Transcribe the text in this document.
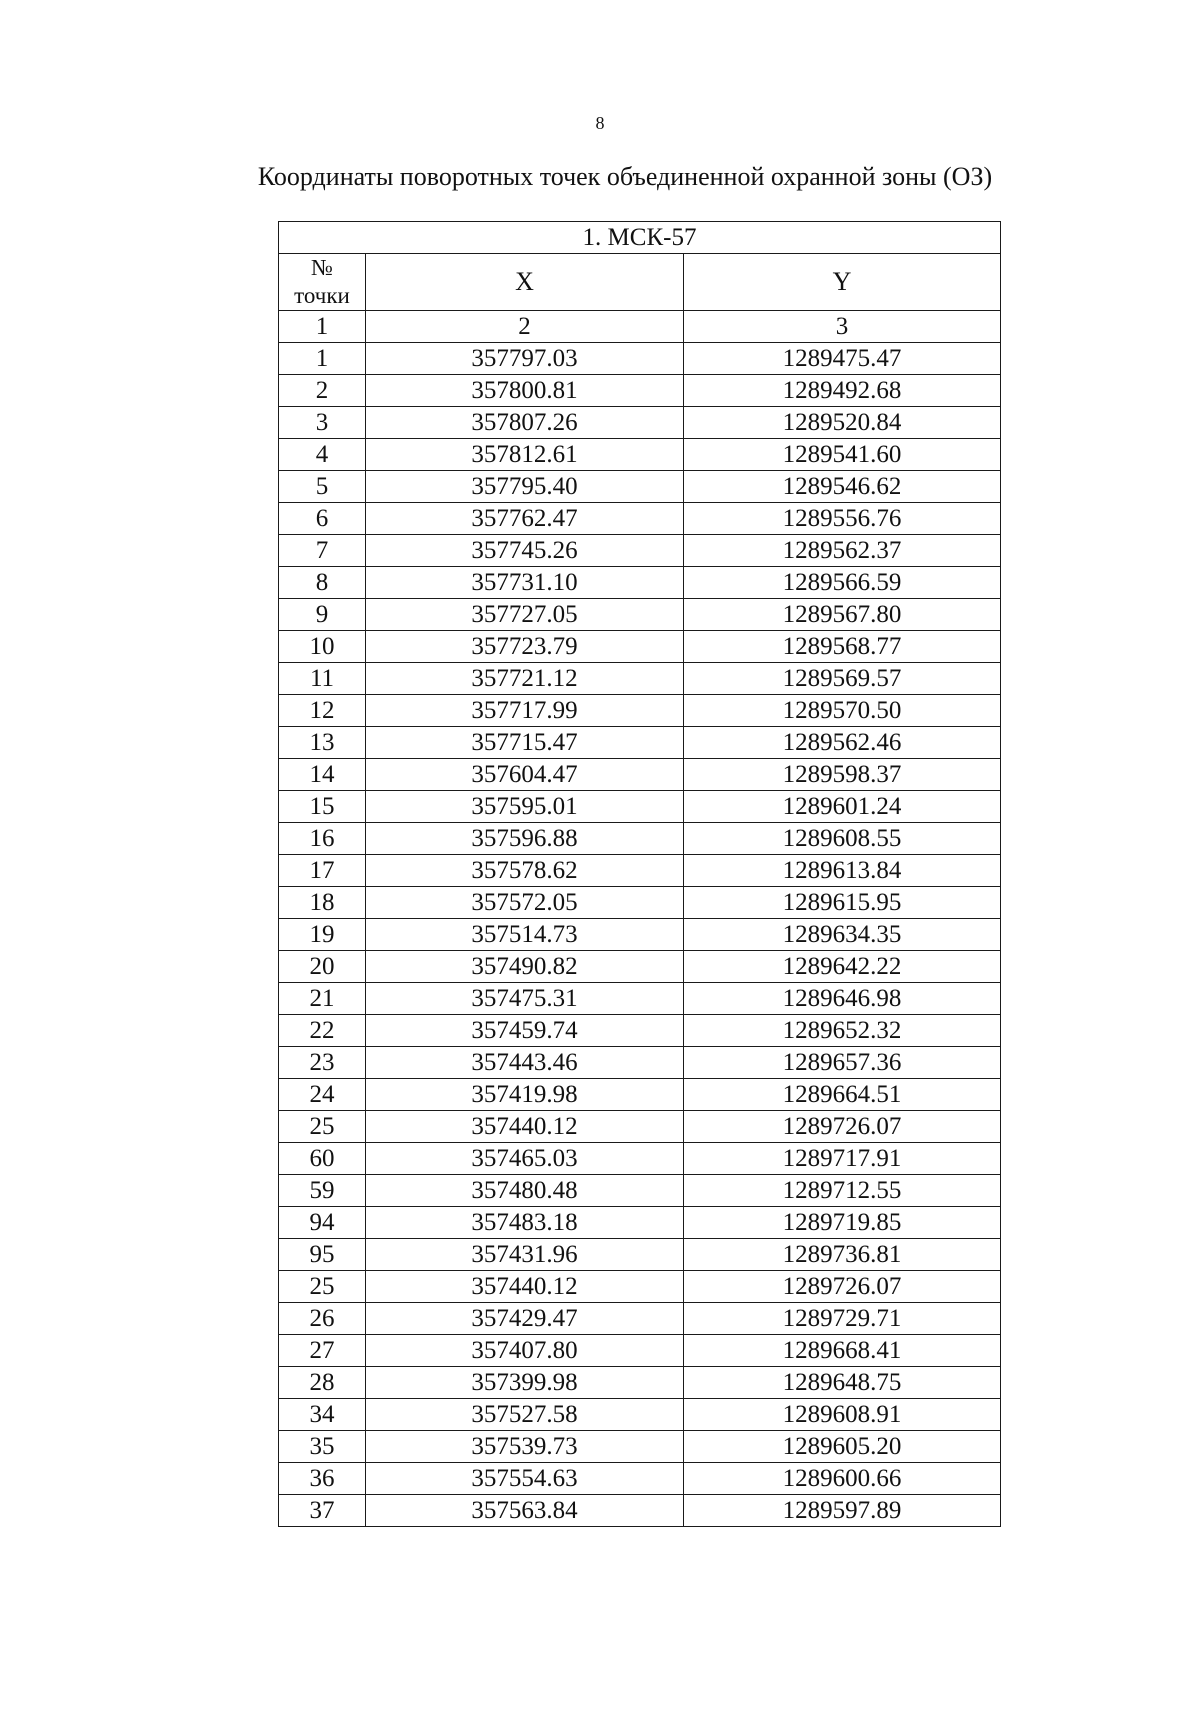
8
Координаты поворотных точек объединенной охранной зоны (ОЗ)
1. МСК-57		
№
точки	X	Y
1	2	3
1	357797.03	1289475.47
2	357800.81	1289492.68
3	357807.26	1289520.84
4	357812.61	1289541.60
5	357795.40	1289546.62
6	357762.47	1289556.76
7	357745.26	1289562.37
8	357731.10	1289566.59
9	357727.05	1289567.80
10	357723.79	1289568.77
11	357721.12	1289569.57
12	357717.99	1289570.50
13	357715.47	1289562.46
14	357604.47	1289598.37
15	357595.01	1289601.24
16	357596.88	1289608.55
17	357578.62	1289613.84
18	357572.05	1289615.95
19	357514.73	1289634.35
20	357490.82	1289642.22
21	357475.31	1289646.98
22	357459.74	1289652.32
23	357443.46	1289657.36
24	357419.98	1289664.51
25	357440.12	1289726.07
60	357465.03	1289717.91
59	357480.48	1289712.55
94	357483.18	1289719.85
95	357431.96	1289736.81
25	357440.12	1289726.07
26	357429.47	1289729.71
27	357407.80	1289668.41
28	357399.98	1289648.75
34	357527.58	1289608.91
35	357539.73	1289605.20
36	357554.63	1289600.66
37	357563.84	1289597.89
